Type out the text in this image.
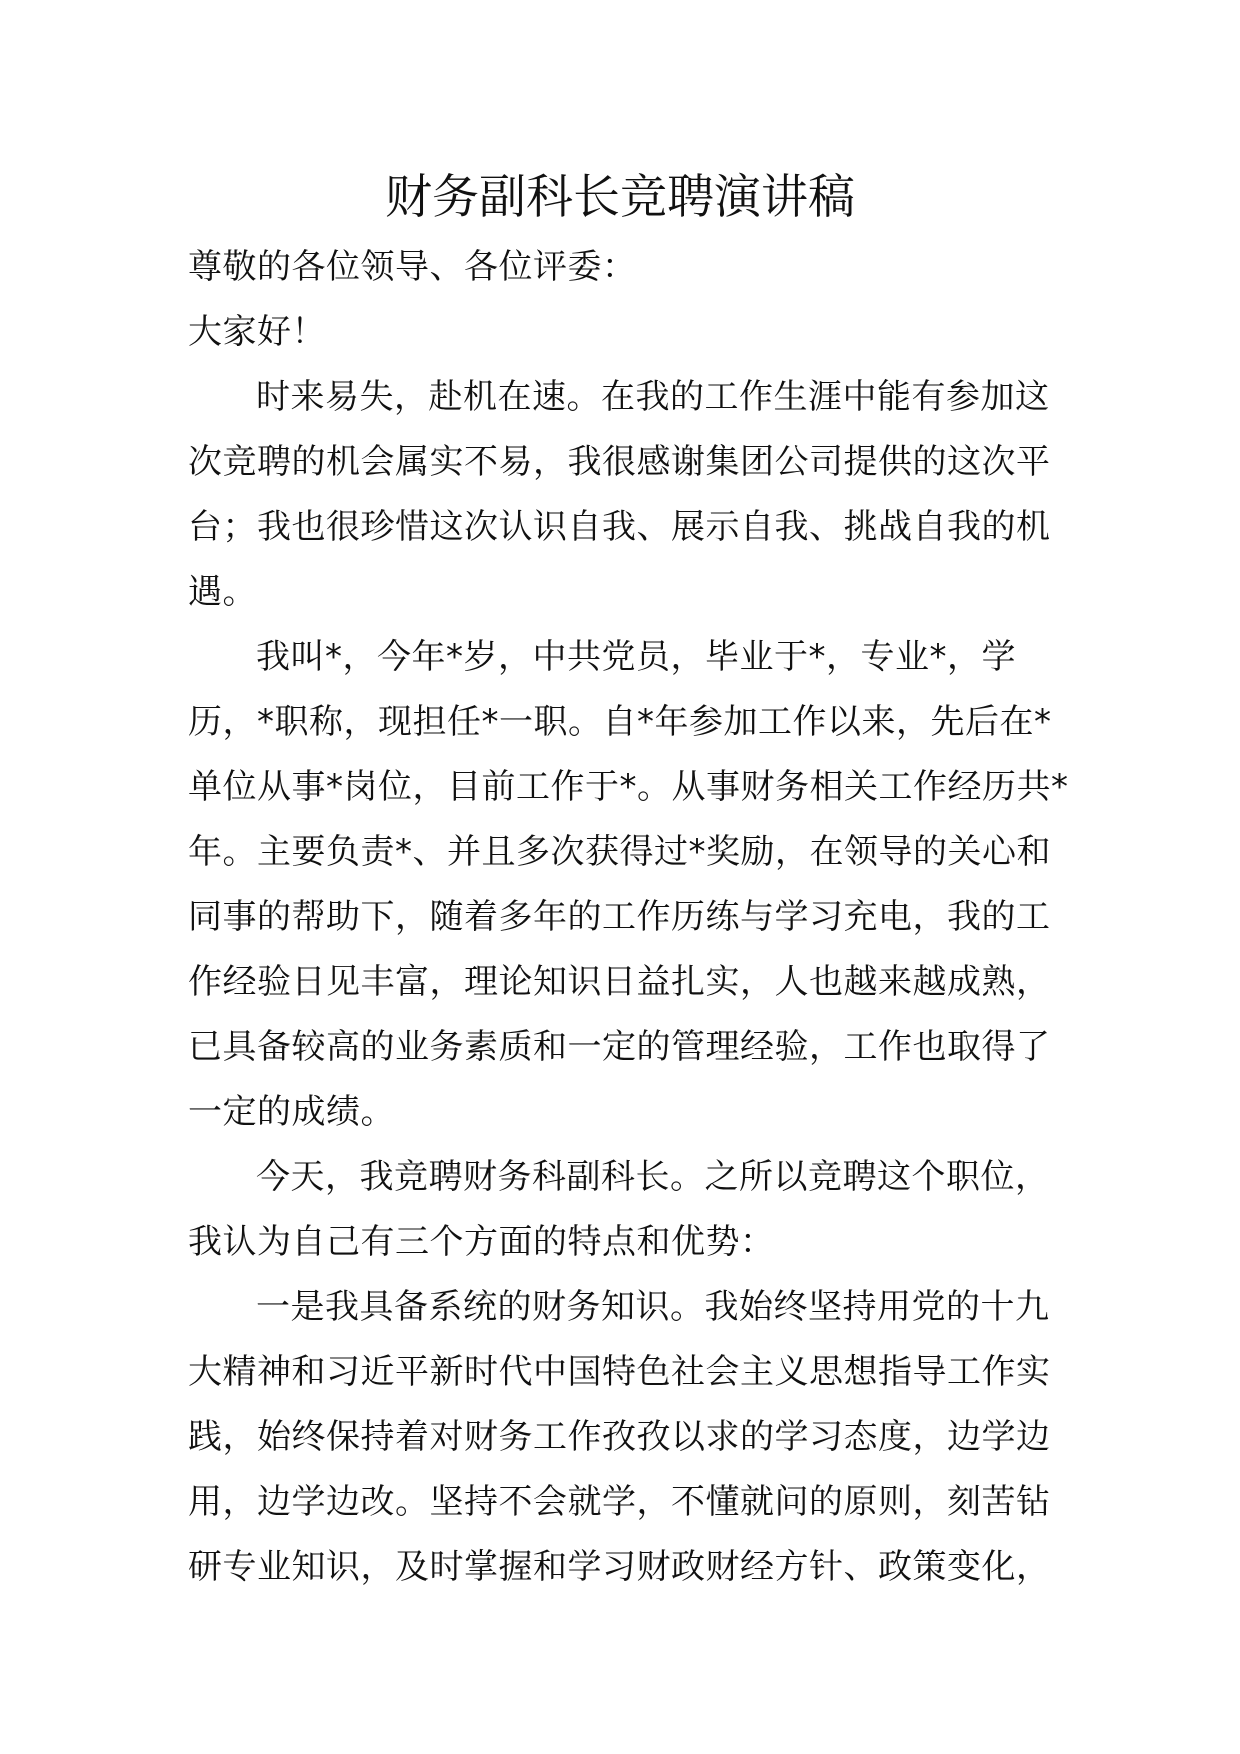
财务副科长竞聘演讲稿
尊敬的各位领导、各位评委：
大家好！
时来易失，赴机在速。在我的工作生涯中能有参加这
次竞聘的机会属实不易，我很感谢集团公司提供的这次平
台；我也很珍惜这次认识自我、展示自我、挑战自我的机
遇。
我叫*，今年*岁，中共党员，毕业于*，专业*，学
历，*职称，现担任*一职。自*年参加工作以来，先后在*
单位从事*岗位，目前工作于*。从事财务相关工作经历共*
年。主要负责*、并且多次获得过*奖励，在领导的关心和
同事的帮助下，随着多年的工作历练与学习充电，我的工
作经验日见丰富，理论知识日益扎实，人也越来越成熟，
已具备较高的业务素质和一定的管理经验，工作也取得了
一定的成绩。
今天，我竞聘财务科副科长。之所以竞聘这个职位，
我认为自己有三个方面的特点和优势：
一是我具备系统的财务知识。我始终坚持用党的十九
大精神和习近平新时代中国特色社会主义思想指导工作实
践，始终保持着对财务工作孜孜以求的学习态度，边学边
用，边学边改。坚持不会就学，不懂就问的原则，刻苦钻
研专业知识，及时掌握和学习财政财经方针、政策变化，
